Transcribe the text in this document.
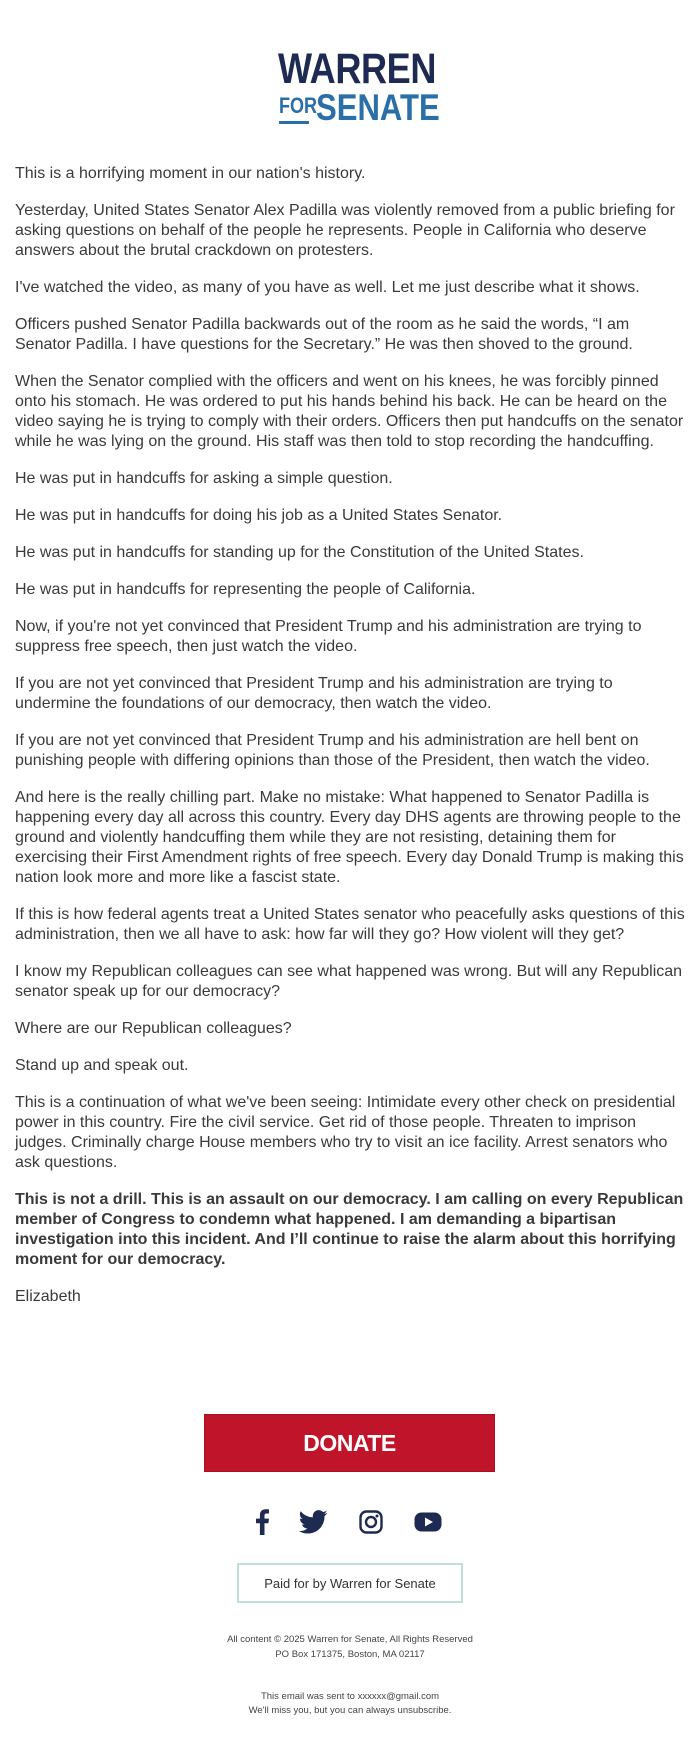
WARREN
FOR
SENATE

This is a horrifying moment in our nation's history.

Yesterday, United States Senator Alex Padilla was violently removed from a public briefing for asking questions on behalf of the people he represents. People in California who deserve answers about the brutal crackdown on protesters.

I've watched the video, as many of you have as well. Let me just describe what it shows.

Officers pushed Senator Padilla backwards out of the room as he said the words, “I am Senator Padilla. I have questions for the Secretary.” He was then shoved to the ground.

When the Senator complied with the officers and went on his knees, he was forcibly pinned onto his stomach. He was ordered to put his hands behind his back. He can be heard on the video saying he is trying to comply with their orders. Officers then put handcuffs on the senator while he was lying on the ground. His staff was then told to stop recording the handcuffing.

He was put in handcuffs for asking a simple question.

He was put in handcuffs for doing his job as a United States Senator.

He was put in handcuffs for standing up for the Constitution of the United States.

He was put in handcuffs for representing the people of California.

Now, if you're not yet convinced that President Trump and his administration are trying to suppress free speech, then just watch the video.

If you are not yet convinced that President Trump and his administration are trying to undermine the foundations of our democracy, then watch the video.

If you are not yet convinced that President Trump and his administration are hell bent on punishing people with differing opinions than those of the President, then watch the video.

And here is the really chilling part. Make no mistake: What happened to Senator Padilla is happening every day all across this country. Every day DHS agents are throwing people to the ground and violently handcuffing them while they are not resisting, detaining them for exercising their First Amendment rights of free speech. Every day Donald Trump is making this nation look more and more like a fascist state.

If this is how federal agents treat a United States senator who peacefully asks questions of this administration, then we all have to ask: how far will they go? How violent will they get?

I know my Republican colleagues can see what happened was wrong. But will any Republican senator speak up for our democracy?

Where are our Republican colleagues?

Stand up and speak out.

This is a continuation of what we've been seeing: Intimidate every other check on presidential power in this country. Fire the civil service. Get rid of those people. Threaten to imprison judges. Criminally charge House members who try to visit an ice facility. Arrest senators who ask questions.

This is not a drill. This is an assault on our democracy. I am calling on every Republican member of Congress to condemn what happened. I am demanding a bipartisan investigation into this incident. And I’ll continue to raise the alarm about this horrifying moment for our democracy.

Elizabeth

DONATE
Paid for by Warren for Senate
All content © 2025 Warren for Senate, All Rights Reserved
PO Box 171375, Boston, MA 02117
This email was sent to xxxxxx@gmail.com
We'll miss you, but you can always unsubscribe.
